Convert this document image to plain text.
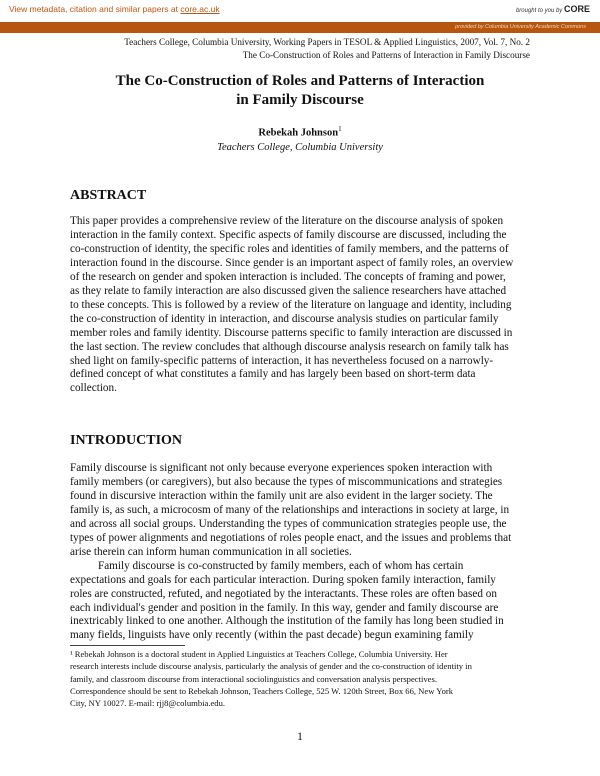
View metadata, citation and similar papers at core.ac.uk	brought to you by CORE
provided by Columbia University Academic Commons
Teachers College, Columbia University, Working Papers in TESOL & Applied Linguistics, 2007, Vol. 7, No. 2
The Co-Construction of Roles and Patterns of Interaction in Family Discourse
The Co-Construction of Roles and Patterns of Interaction
in Family Discourse
Rebekah Johnson$^1$
Teachers College, Columbia University
ABSTRACT
This paper provides a comprehensive review of the literature on the discourse analysis of spoken
interaction in the family context. Specific aspects of family discourse are discussed, including the
co-construction of identity, the specific roles and identities of family members, and the patterns of
interaction found in the discourse. Since gender is an important aspect of family roles, an overview
of the research on gender and spoken interaction is included. The concepts of framing and power,
as they relate to family interaction are also discussed given the salience researchers have attached
to these concepts. This is followed by a review of the literature on language and identity, including
the co-construction of identity in interaction, and discourse analysis studies on particular family
member roles and family identity. Discourse patterns specific to family interaction are discussed in
the last section. The review concludes that although discourse analysis research on family talk has
shed light on family-specific patterns of interaction, it has nevertheless focused on a narrowly-
defined concept of what constitutes a family and has largely been based on short-term data
collection.
INTRODUCTION
Family discourse is significant not only because everyone experiences spoken interaction with
family members (or caregivers), but also because the types of miscommunications and strategies
found in discursive interaction within the family unit are also evident in the larger society. The
family is, as such, a microcosm of many of the relationships and interactions in society at large, in
and across all social groups. Understanding the types of communication strategies people use, the
types of power alignments and negotiations of roles people enact, and the issues and problems that
arise therein can inform human communication in all societies.
Family discourse is co-constructed by family members, each of whom has certain
expectations and goals for each particular interaction. During spoken family interaction, family
roles are constructed, refuted, and negotiated by the interactants. These roles are often based on
each individual's gender and position in the family. In this way, gender and family discourse are
inextricably linked to one another. Although the institution of the family has long been studied in
many fields, linguists have only recently (within the past decade) begun examining family
¹ Rebekah Johnson is a doctoral student in Applied Linguistics at Teachers College, Columbia University. Her
research interests include discourse analysis, particularly the analysis of gender and the co-construction of identity in
family, and classroom discourse from interactional sociolinguistics and conversation analysis perspectives.
Correspondence should be sent to Rebekah Johnson, Teachers College, 525 W. 120th Street, Box 66, New York
City, NY 10027. E-mail: rjj8@columbia.edu.
1
